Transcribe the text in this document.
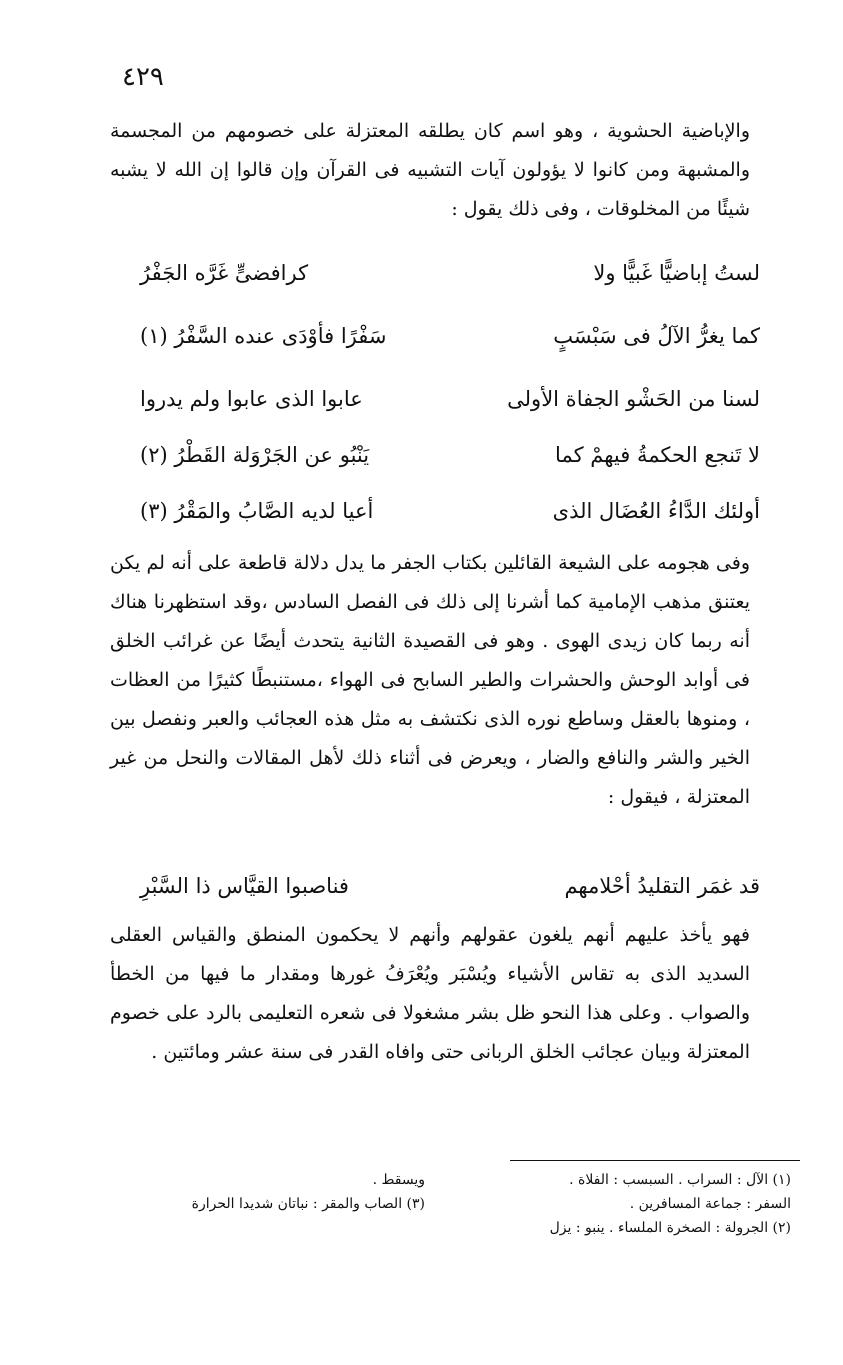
٤٢٩

والإباضية الحشوية ، وهو اسم كان يطلقه المعتزلة على خصومهم من المجسمة والمشبهة ومن كانوا لا يؤولون آيات التشبيه فى القرآن وإن قالوا إن الله لا يشبه شيئًا من المخلوقات ، وفى ذلك يقول :

لستُ إباضيًّا غَبيًّا ولا
كرافضىٍّ غَرَّه الجَفْرُ
كما يغرُّ الآلُ فى سَبْسَبٍ
سَفْرًا فأوْدَى عنده السَّفْرُ (١)
لسنا من الحَشْو الجفاة الأولى
عابوا الذى عابوا ولم يدروا
لا تَنجع الحكمةُ فيهمْ كما
يَنْبُو عن الجَرْوَلة القَطْرُ (٢)
أولئك الدَّاءُ العُضَال الذى
أعيا لديه الصَّابُ والمَقْرُ (٣)

وفى هجومه على الشيعة القائلين بكتاب الجفر ما يدل دلالة قاطعة على أنه لم يكن يعتنق مذهب الإمامية كما أشرنا إلى ذلك فى الفصل السادس ،وقد استظهرنا هناك أنه ربما كان زيدى الهوى . وهو فى القصيدة الثانية يتحدث أيضًا عن غرائب الخلق فى أوابد الوحش والحشرات والطير السابح فى الهواء ،مستنبطًا كثيرًا من العظات ، ومنوها بالعقل وساطع نوره الذى نكتشف به مثل هذه العجائب والعبر ونفصل بين الخير والشر والنافع والضار ، ويعرض فى أثناء ذلك لأهل المقالات والنحل من غير المعتزلة ، فيقول :

قد غمَر التقليدُ أحْلامهم
فناصبوا القيَّاس ذا السَّبْرِ

فهو يأخذ عليهم أنهم يلغون عقولهم وأنهم لا يحكمون المنطق والقياس العقلى السديد الذى به تقاس الأشياء ويُسْبَر ويُعْرَفُ غورها ومقدار ما فيها من الخطأ والصواب . وعلى هذا النحو ظل بشر مشغولا فى شعره التعليمى بالرد على خصوم المعتزلة وبيان عجائب الخلق الربانى حتى وافاه القدر فى سنة عشر ومائتين .

(١) الآل : السراب . السبسب : الفلاة .
السفر : جماعة المسافرين .
(٢) الجرولة : الصخرة الملساء . ينبو : يزل
ويسقط .
(٣) الصاب والمقر : نباتان شديدا الحرارة
